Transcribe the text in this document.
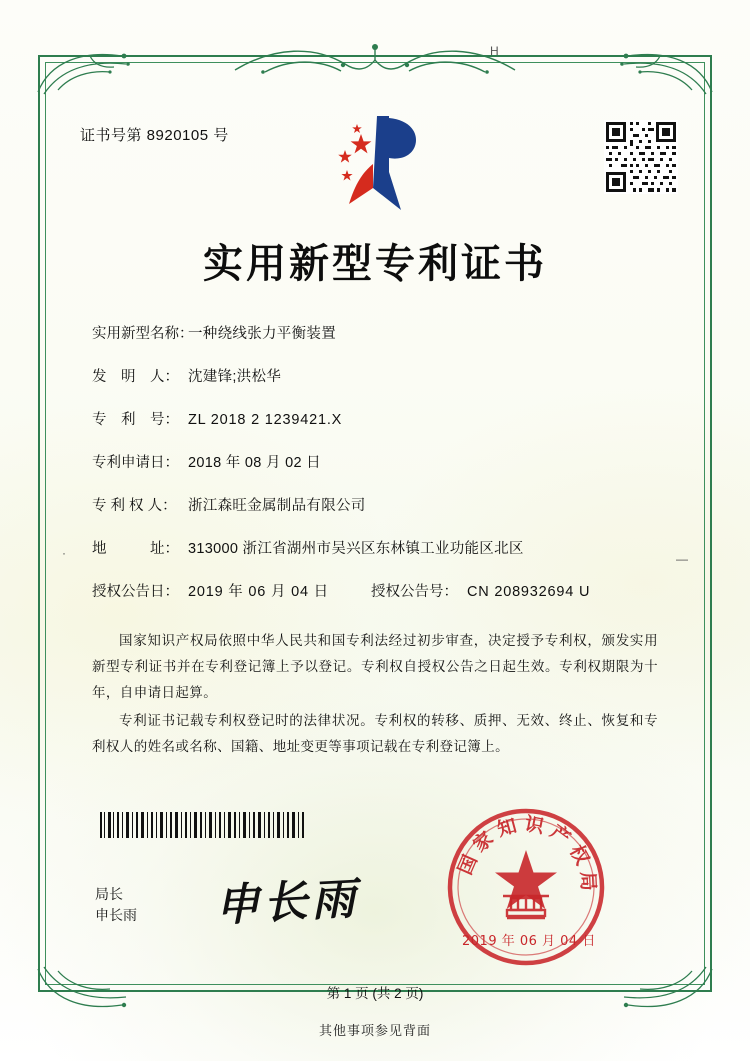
证书号第 8920105 号
实用新型专利证书
实用新型名称：
一种绕线张力平衡装置
发　明　人： 沈建锋;洪松华
专　利　号： ZL 2018 2 1239421.X
专利申请日： 2018 年 08 月 02 日
专 利 权 人： 浙江森旺金属制品有限公司
地　　　址： 313000 浙江省湖州市吴兴区东林镇工业功能区北区
授权公告日： 2019 年 06 月 04 日	授权公告号： CN 208932694 U

国家知识产权局依照中华人民共和国专利法经过初步审查，决定授予专利权，颁发实用新型专利证书并在专利登记簿上予以登记。专利权自授权公告之日起生效。专利权期限为十年，自申请日起算。

专利证书记载专利权登记时的法律状况。专利权的转移、质押、无效、终止、恢复和专利权人的姓名或名称、国籍、地址变更等事项记载在专利登记簿上。

局长
申长雨 申长雨
国家知识产权局
2019 年 06 月 04 日
第 1 页 (共 2 页)
其他事项参见背面
H
·	—
